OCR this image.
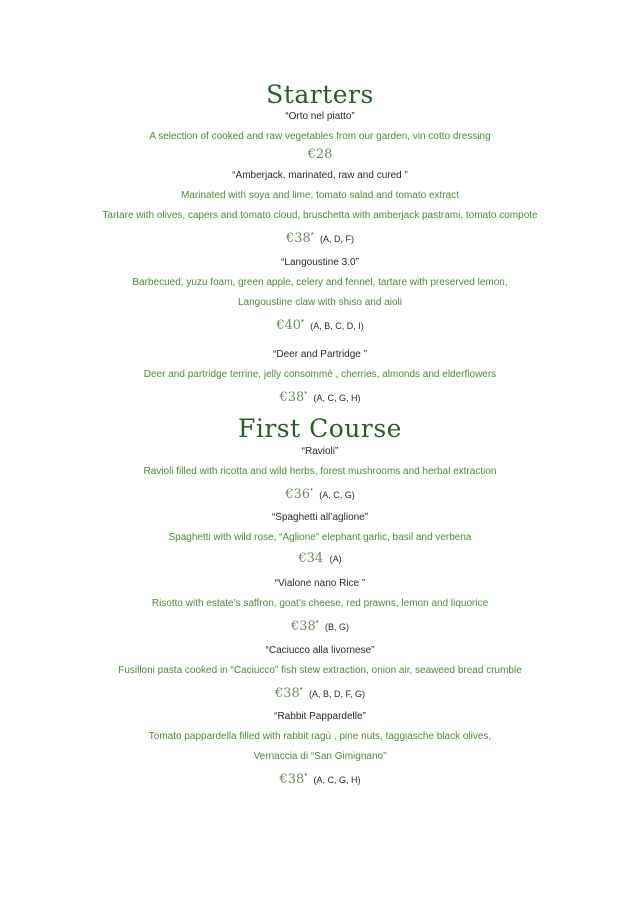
Starters
“Orto nel piatto”
A selection of cooked and raw vegetables from our garden, vin cotto dressing
€28
“Amberjack, marinated, raw and cured ”
Marinated with soya and lime, tomato salad and tomato extract
Tartare with olives, capers and tomato cloud, bruschetta with amberjack pastrami, tomato compote
€38* (A, D, F)
“Langoustine 3.0”
Barbecued, yuzu foam, green apple, celery and fennel, tartare with preserved lemon,
Langoustine claw with shiso and aioli
€40* (A, B, C, D, I)
“Deer and Partridge ”
Deer and partridge terrine, jelly consommé , cherries, almonds and elderflowers
€38* (A, C, G, H)
First Course
“Ravioli”
Ravioli filled with ricotta and wild herbs, forest mushrooms and herbal extraction
€36* (A, C, G)
“Spaghetti all’aglione”
Spaghetti with wild rose, “Aglione” elephant garlic, basil and verbena
€34 (A)
“Vialone nano Rice ”
Risotto with estate’s saffron, goat’s cheese, red prawns, lemon and liquorice
€38* (B, G)
“Caciucco alla livornese”
Fusilloni pasta cooked in “Caciucco” fish stew extraction, onion air, seaweed bread crumble
€38* (A, B, D, F, G)
“Rabbit Pappardelle”
Tomato pappardella filled with rabbit ragù , pine nuts, taggiasche black olives,
Vernaccia di “San Gimignano”
€38* (A, C, G, H)
